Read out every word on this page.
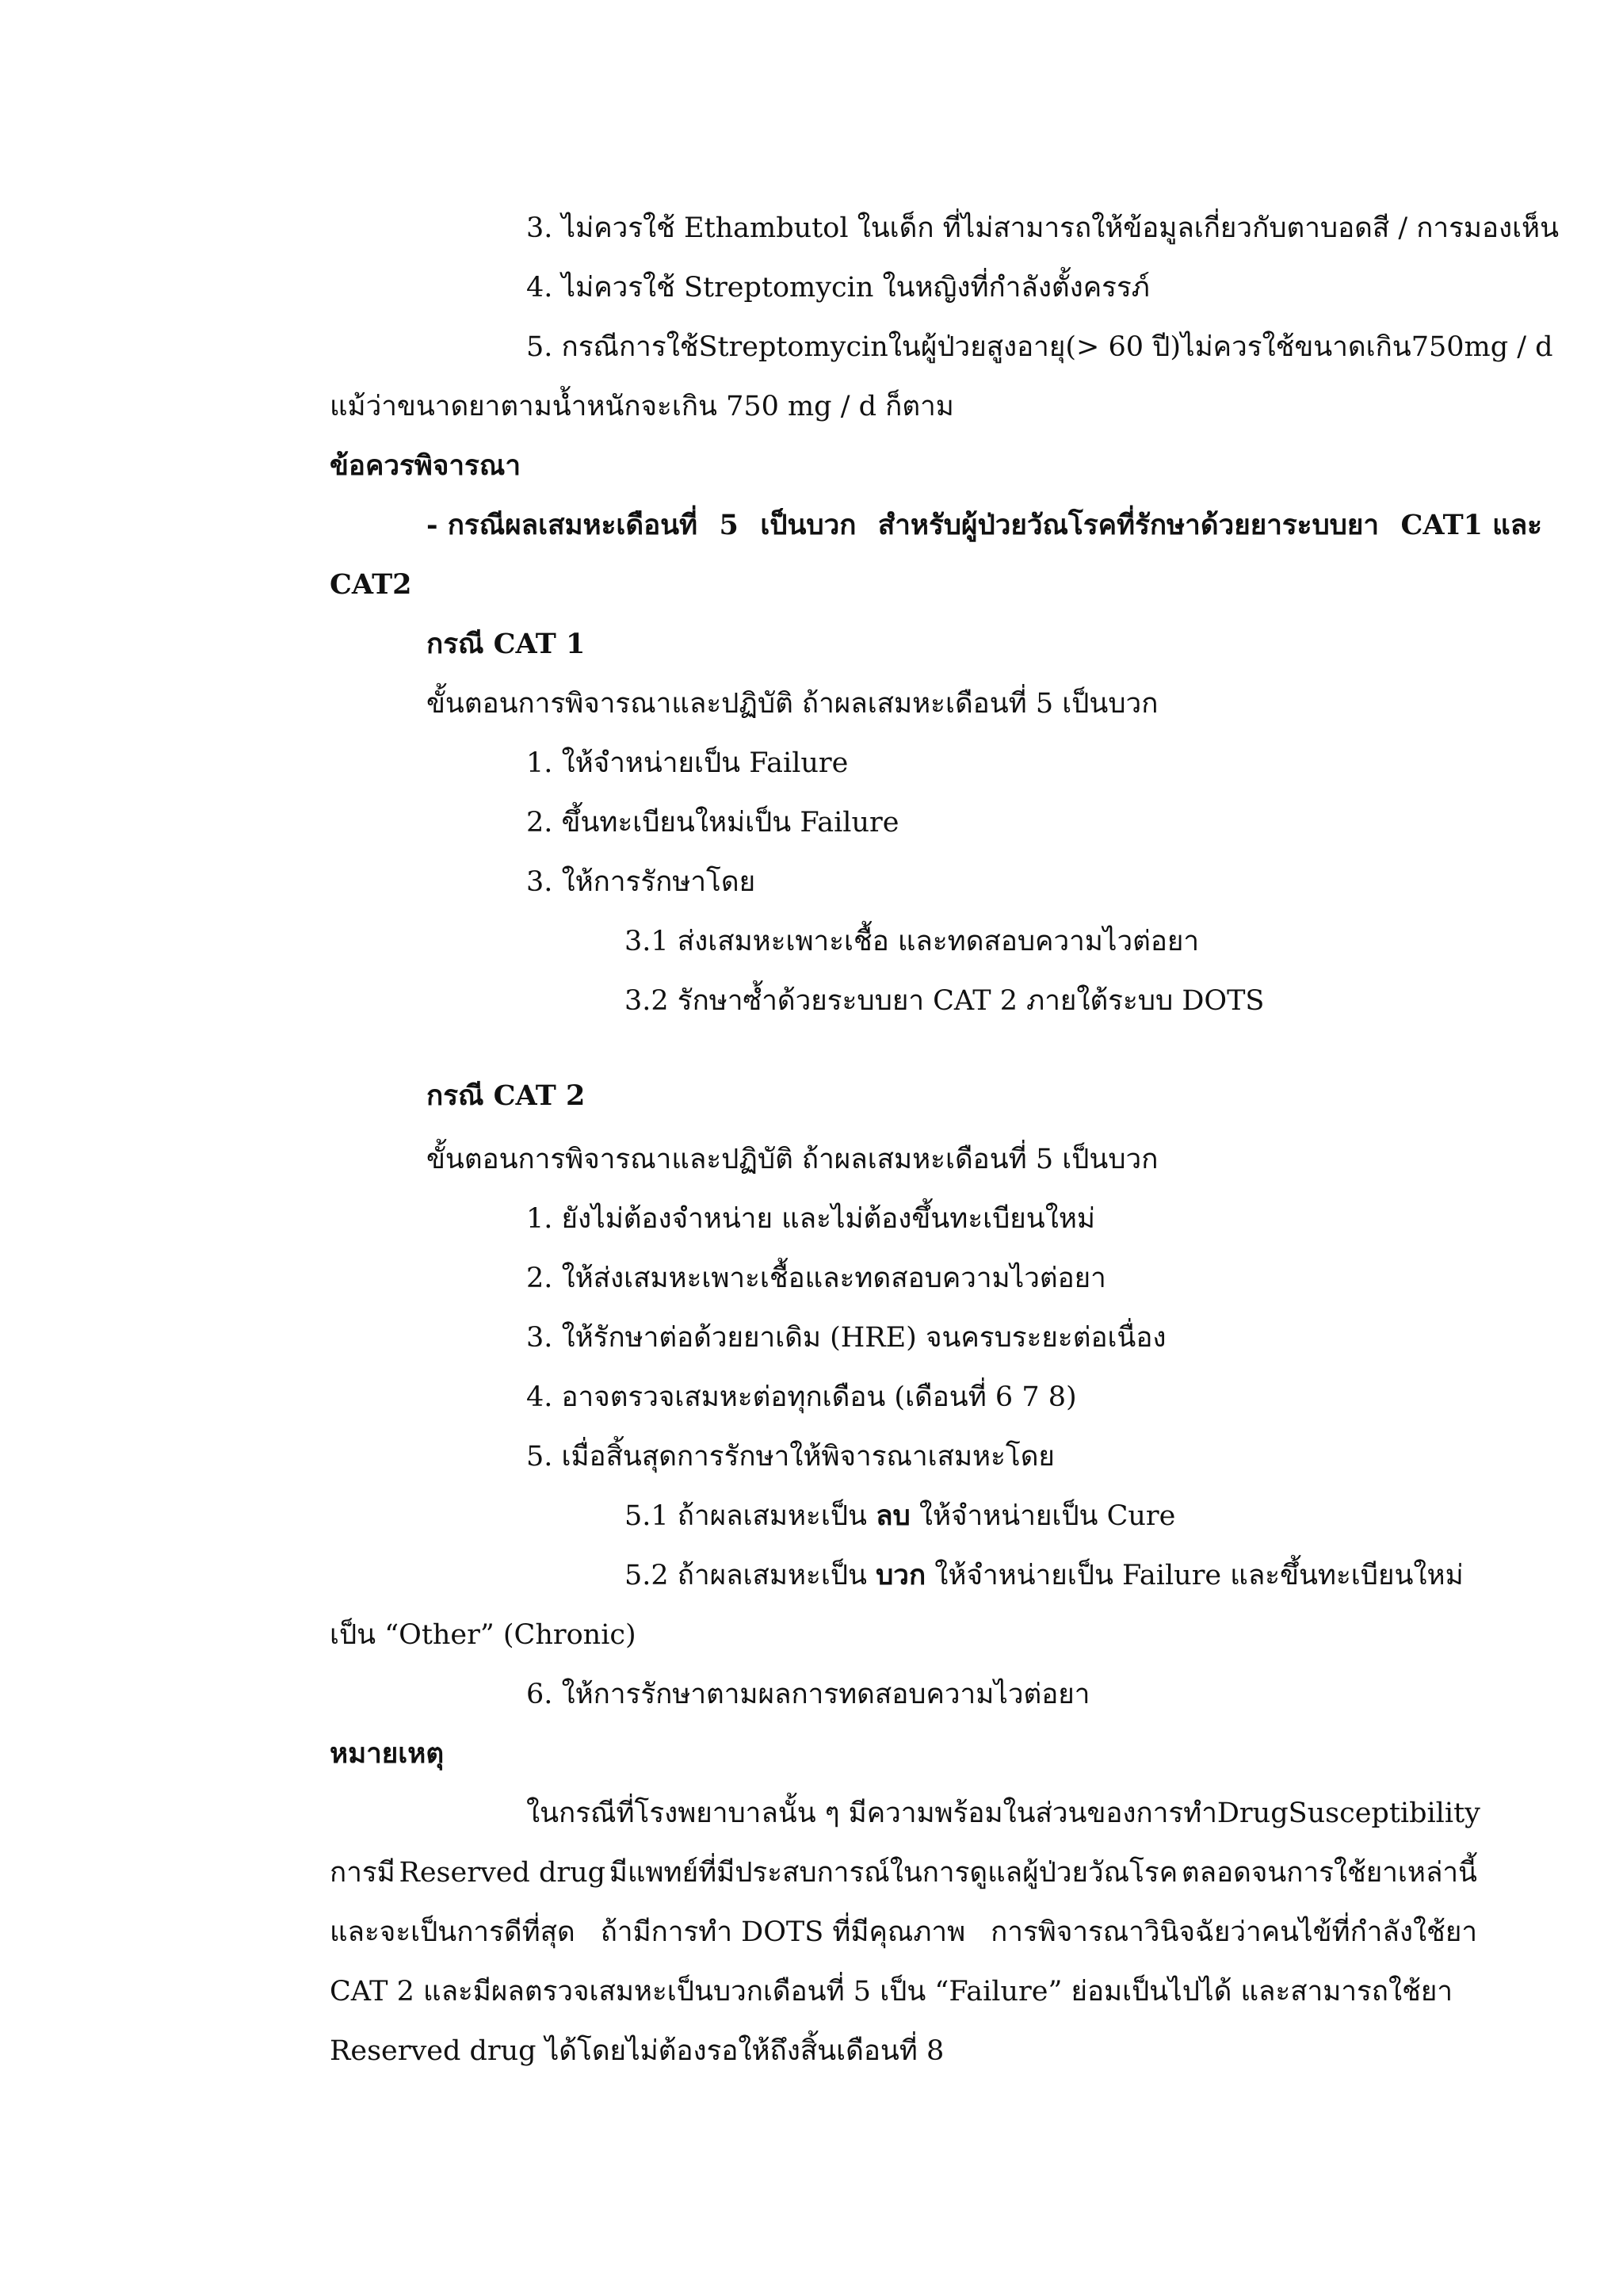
3. ไม่ควรใช้ Ethambutol ในเด็ก ที่ไม่สามารถให้ข้อมูลเกี่ยวกับตาบอดสี / การมองเห็น

4. ไม่ควรใช้ Streptomycin ในหญิงที่กำลังตั้งครรภ์

5. กรณีการใช้ Streptomycin ในผู้ป่วยสูงอายุ (> 60 ปี) ไม่ควรใช้ขนาดเกิน 750 mg / d

แม้ว่าขนาดยาตามน้ำหนักจะเกิน 750 mg / d ก็ตาม

ข้อควรพิจารณา

- กรณีผลเสมหะเดือนที่ 5 เป็นบวก สำหรับผู้ป่วยวัณโรคที่รักษาด้วยยาระบบยา CAT1 และ

CAT2

กรณี CAT 1

ขั้นตอนการพิจารณาและปฏิบัติ ถ้าผลเสมหะเดือนที่ 5 เป็นบวก

1. ให้จำหน่ายเป็น Failure

2. ขึ้นทะเบียนใหม่เป็น Failure

3. ให้การรักษาโดย

3.1 ส่งเสมหะเพาะเชื้อ และทดสอบความไวต่อยา

3.2 รักษาซ้ำด้วยระบบยา CAT 2 ภายใต้ระบบ DOTS

กรณี CAT 2

ขั้นตอนการพิจารณาและปฏิบัติ ถ้าผลเสมหะเดือนที่ 5 เป็นบวก

1. ยังไม่ต้องจำหน่าย และไม่ต้องขึ้นทะเบียนใหม่

2. ให้ส่งเสมหะเพาะเชื้อและทดสอบความไวต่อยา

3. ให้รักษาต่อด้วยยาเดิม (HRE) จนครบระยะต่อเนื่อง

4. อาจตรวจเสมหะต่อทุกเดือน (เดือนที่ 6 7 8)

5. เมื่อสิ้นสุดการรักษาให้พิจารณาเสมหะโดย

5.1 ถ้าผลเสมหะเป็น ลบ ให้จำหน่ายเป็น Cure

5.2 ถ้าผลเสมหะเป็น บวก ให้จำหน่ายเป็น Failure และขึ้นทะเบียนใหม่

เป็น “Other” (Chronic)

6. ให้การรักษาตามผลการทดสอบความไวต่อยา

หมายเหตุ

ในกรณีที่โรงพยาบาลนั้น ๆ มีความพร้อมในส่วนของการทำ Drug Susceptibility
การมี Reserved drug มีแพทย์ที่มีประสบการณ์ในการดูแลผู้ป่วยวัณโรค ตลอดจนการใช้ยาเหล่านี้
และจะเป็นการดีที่สุด ถ้ามีการทำ DOTS ที่มีคุณภาพ การพิจารณาวินิจฉัยว่าคนไข้ที่กำลังใช้ยา

CAT 2 และมีผลตรวจเสมหะเป็นบวกเดือนที่ 5 เป็น “Failure” ย่อมเป็นไปได้ และสามารถใช้ยา

Reserved drug ได้โดยไม่ต้องรอให้ถึงสิ้นเดือนที่ 8
